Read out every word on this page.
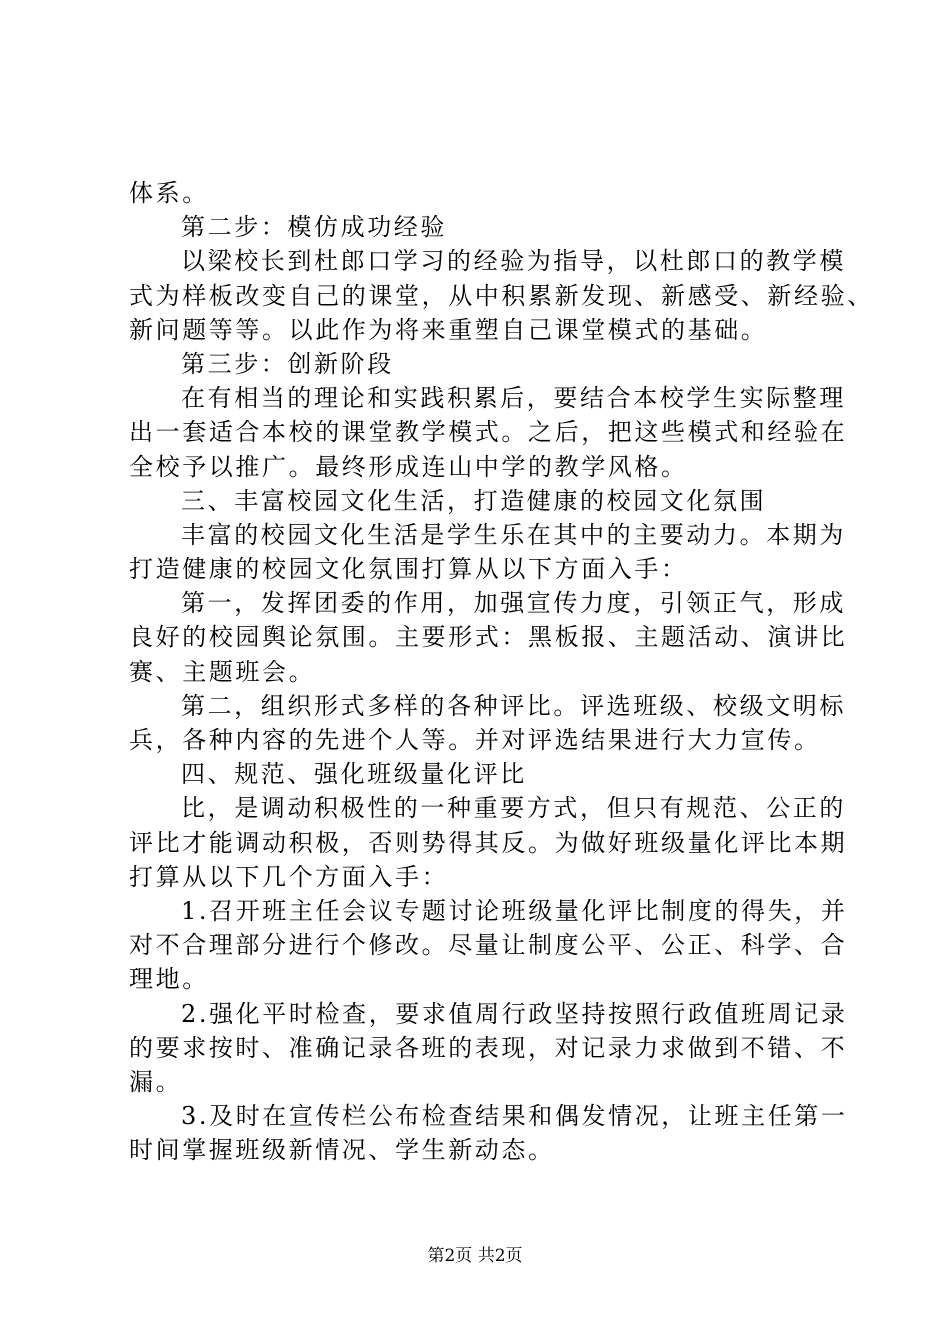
体系。
第二步：模仿成功经验
以梁校长到杜郎口学习的经验为指导，以杜郎口的教学模
式为样板改变自己的课堂，从中积累新发现、新感受、新经验、
新问题等等。以此作为将来重塑自己课堂模式的基础。
第三步：创新阶段
在有相当的理论和实践积累后，要结合本校学生实际整理
出一套适合本校的课堂教学模式。之后，把这些模式和经验在
全校予以推广。最终形成连山中学的教学风格。
三、丰富校园文化生活，打造健康的校园文化氛围
丰富的校园文化生活是学生乐在其中的主要动力。本期为
打造健康的校园文化氛围打算从以下方面入手：
第一，发挥团委的作用，加强宣传力度，引领正气，形成
良好的校园舆论氛围。主要形式：黑板报、主题活动、演讲比
赛、主题班会。
第二，组织形式多样的各种评比。评选班级、校级文明标
兵，各种内容的先进个人等。并对评选结果进行大力宣传。
四、规范、强化班级量化评比
比，是调动积极性的一种重要方式，但只有规范、公正的
评比才能调动积极，否则势得其反。为做好班级量化评比本期
打算从以下几个方面入手：
1.召开班主任会议专题讨论班级量化评比制度的得失，并
对不合理部分进行个修改。尽量让制度公平、公正、科学、合
理地。
2.强化平时检查，要求值周行政坚持按照行政值班周记录
的要求按时、准确记录各班的表现，对记录力求做到不错、不
漏。
3.及时在宣传栏公布检查结果和偶发情况，让班主任第一
时间掌握班级新情况、学生新动态。
第2页 共2页
